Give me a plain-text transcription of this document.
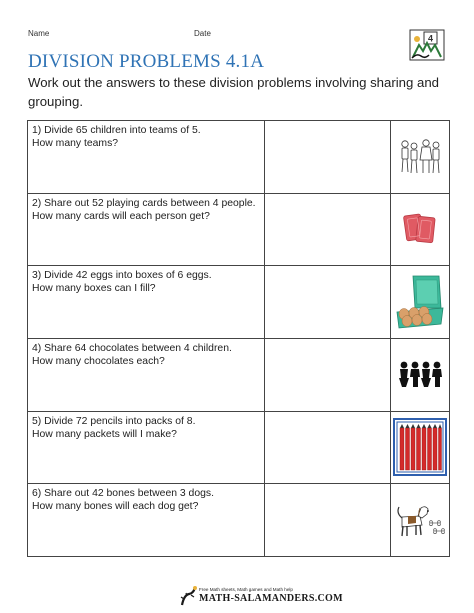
Name	Date	4
DIVISION PROBLEMS 4.1A
Work out the answers to these division problems involving sharing and grouping.
1) Divide 65 children into teams of 5.
How many teams?

2) Share out 52 playing cards between 4 people.
How many cards will each person get?

3) Divide 42 eggs into boxes of 6 eggs.
How many boxes can I fill?

4) Share 64 chocolates between 4 children.
How many chocolates each?

5) Divide 72 pencils into packs of 8.
How many packets will I make?

6) Share out 42 bones between 3 dogs.
How many bones will each dog get?

Free Math sheets, Math games and Math help
MATH-SALAMANDERS.COM
